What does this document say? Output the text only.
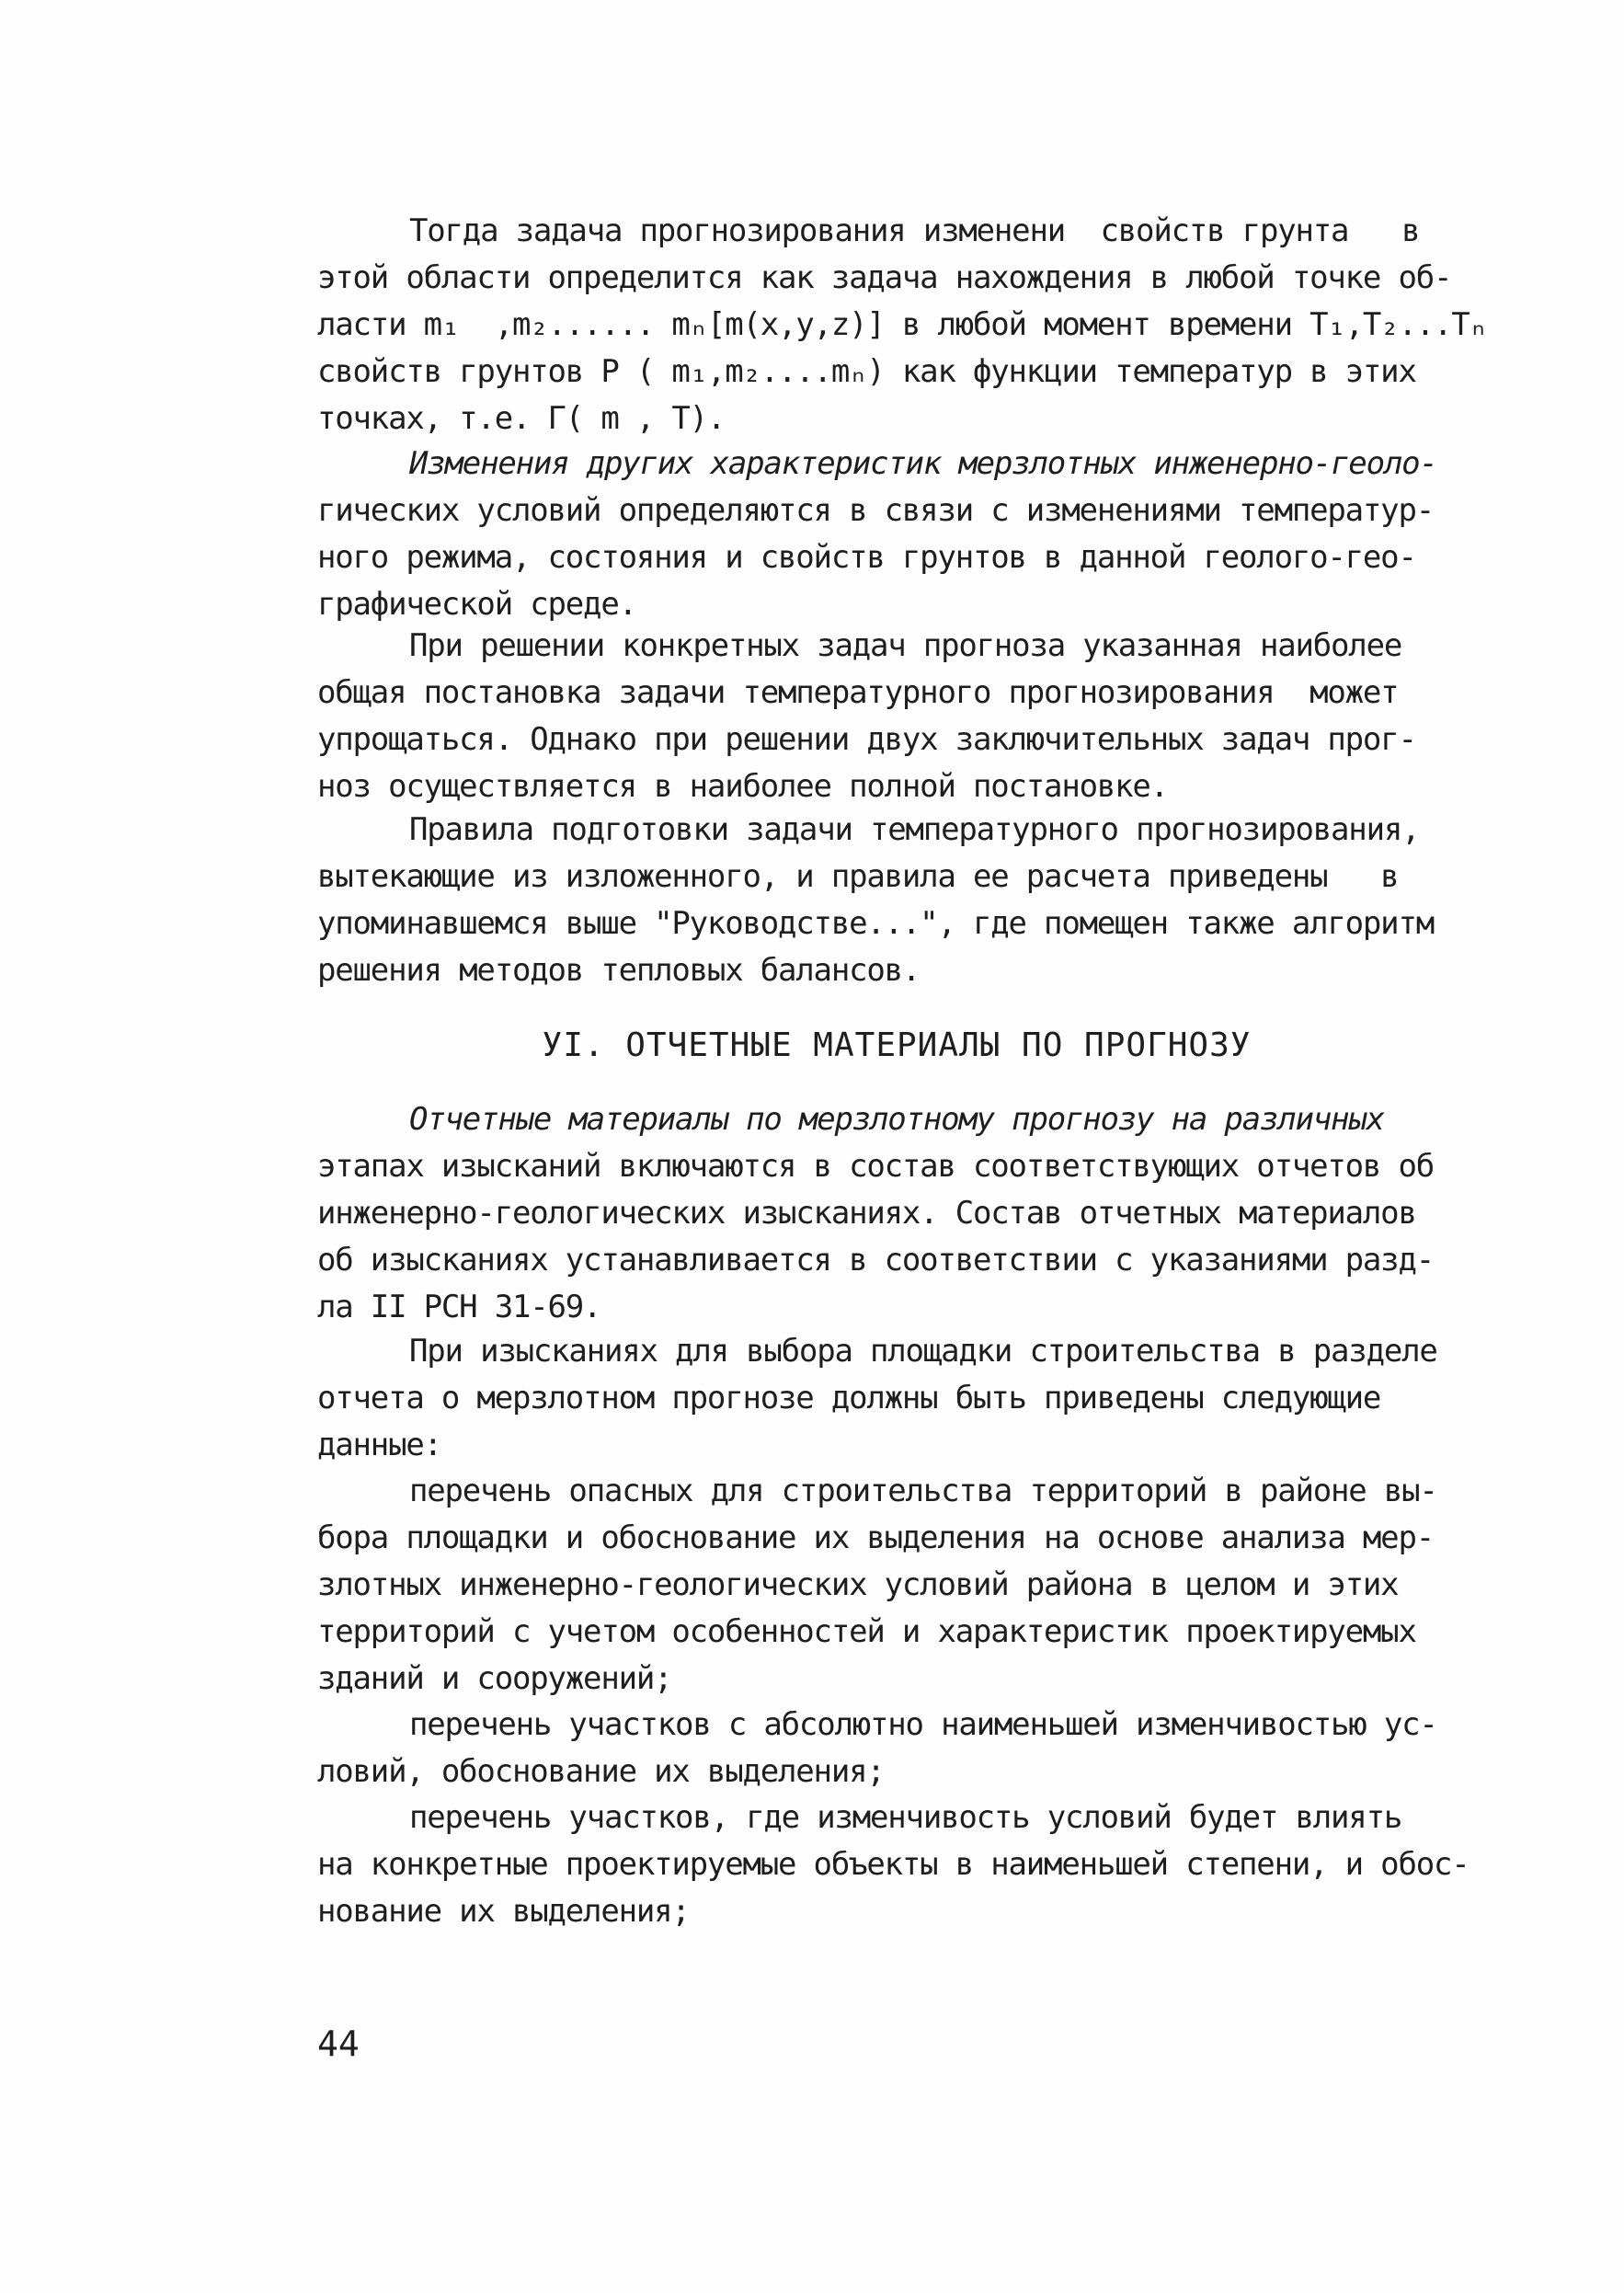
Тогда задача прогнозирования изменени  свойств грунта   в
этой области определится как задача нахождения в любой точке об-
ласти m₁  ,m₂...... mₙ[m(x,y,z)] в любой момент времени T₁,T₂...Tₙ
свойств грунтов Р ( m₁,m₂....mₙ) как функции температур в этих
точках, т.е. Г( m , T).
Изменения других характеристик мерзлотных инженерно-геоло-
гических условий определяются в связи с изменениями температур-
ного режима, состояния и свойств грунтов в данной геолого-гео-
графической среде.
При решении конкретных задач прогноза указанная наиболее
общая постановка задачи температурного прогнозирования  может
упрощаться. Однако при решении двух заключительных задач прог-
ноз осуществляется в наиболее полной постановке.
Правила подготовки задачи температурного прогнозирования,
вытекающие из изложенного, и правила ее расчета приведены   в
упоминавшемся выше "Руководстве...", где помещен также алгоритм
решения методов тепловых балансов.
УI. ОТЧЕТНЫЕ МАТЕРИАЛЫ ПО ПРОГНОЗУ
Отчетные материалы по мерзлотному прогнозу на различных
этапах изысканий включаются в состав соответствующих отчетов об
инженерно-геологических изысканиях. Состав отчетных материалов
об изысканиях устанавливается в соответствии с указаниями разд-
ла II РСН 31-69.
При изысканиях для выбора площадки строительства в разделе
отчета о мерзлотном прогнозе должны быть приведены следующие
данные:
перечень опасных для строительства территорий в районе вы-
бора площадки и обоснование их выделения на основе анализа мер-
злотных инженерно-геологических условий района в целом и этих
территорий с учетом особенностей и характеристик проектируемых
зданий и сооружений;
перечень участков с абсолютно наименьшей изменчивостью ус-
ловий, обоснование их выделения;
перечень участков, где изменчивость условий будет влиять
на конкретные проектируемые объекты в наименьшей степени, и обос-
нование их выделения;
44
